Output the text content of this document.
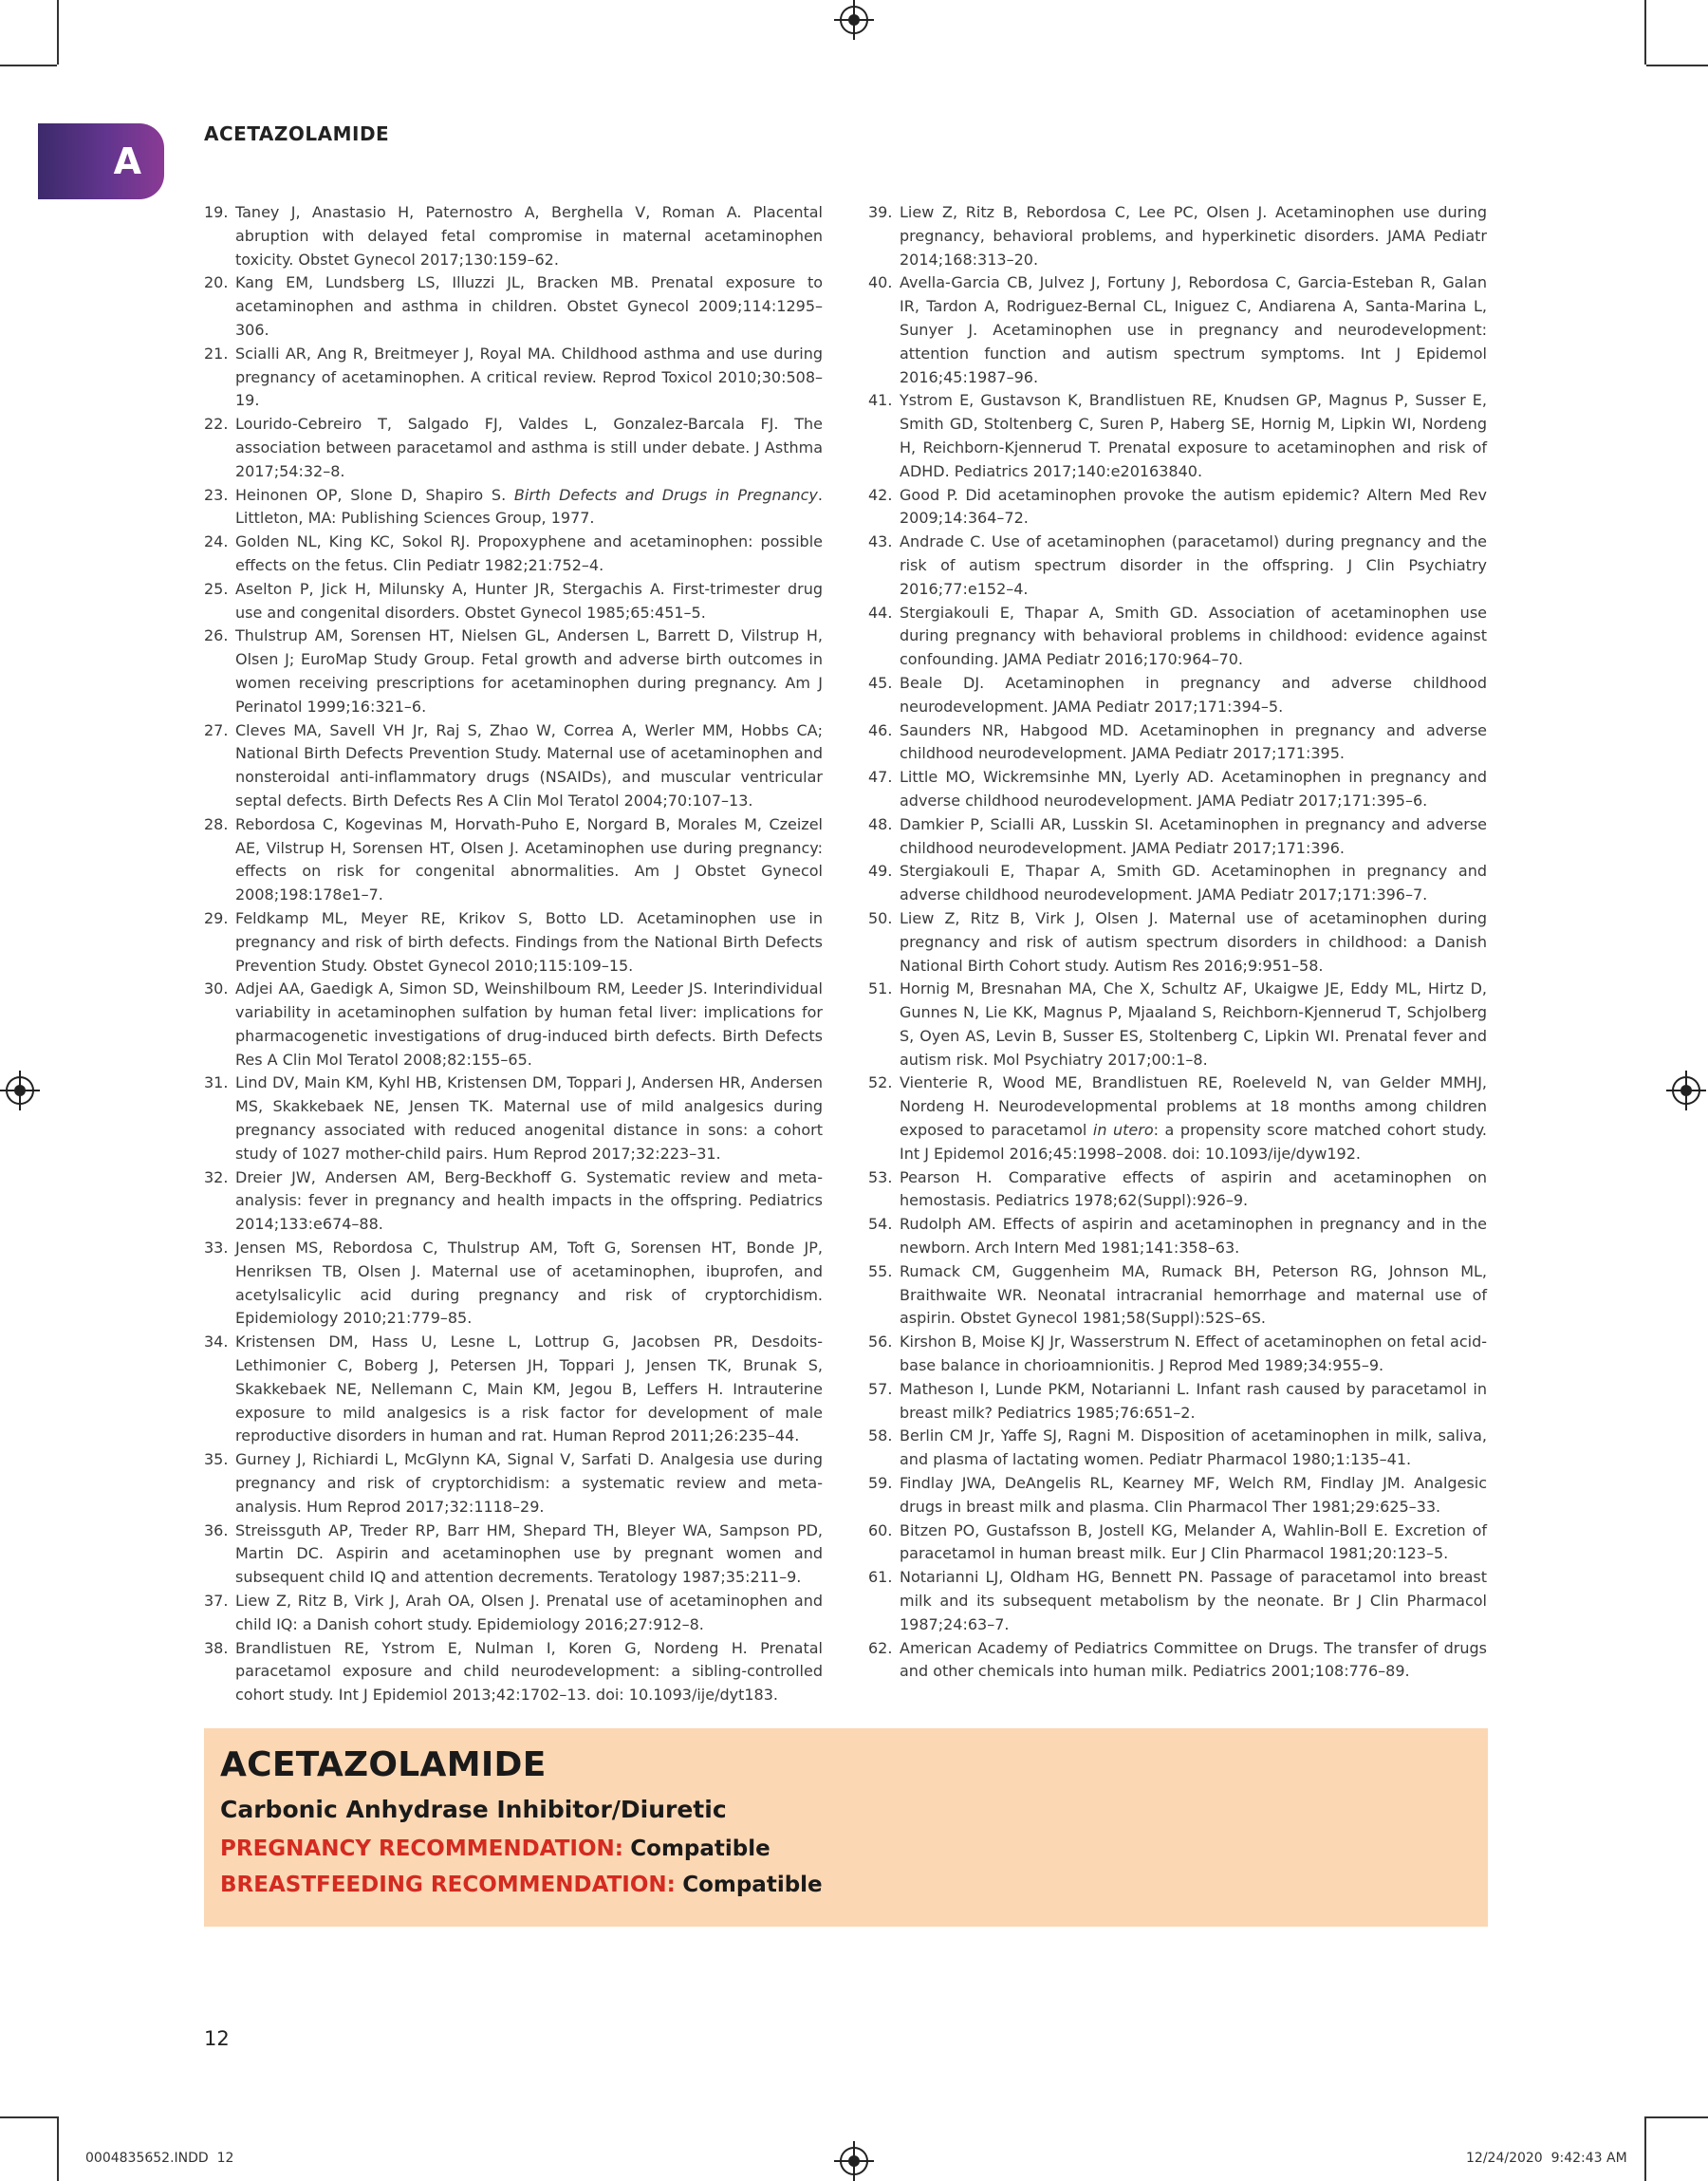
A
ACETAZOLAMIDE
19. Taney J, Anastasio H, Paternostro A, Berghella V, Roman A. Placental abruption with delayed fetal compromise in maternal acetaminophen toxicity. Obstet Gynecol 2017;130:159–62.
20. Kang EM, Lundsberg LS, Illuzzi JL, Bracken MB. Prenatal exposure to acetaminophen and asthma in children. Obstet Gynecol 2009;114:1295–306.
21. Scialli AR, Ang R, Breitmeyer J, Royal MA. Childhood asthma and use during pregnancy of acetaminophen. A critical review. Reprod Toxicol 2010;30:508–19.
22. Lourido-Cebreiro T, Salgado FJ, Valdes L, Gonzalez-Barcala FJ. The association between paracetamol and asthma is still under debate. J Asthma 2017;54:32–8.
23. Heinonen OP, Slone D, Shapiro S. Birth Defects and Drugs in Pregnancy. Littleton, MA: Publishing Sciences Group, 1977.
24. Golden NL, King KC, Sokol RJ. Propoxyphene and acetaminophen: possible effects on the fetus. Clin Pediatr 1982;21:752–4.
25. Aselton P, Jick H, Milunsky A, Hunter JR, Stergachis A. First-trimester drug use and congenital disorders. Obstet Gynecol 1985;65:451–5.
26. Thulstrup AM, Sorensen HT, Nielsen GL, Andersen L, Barrett D, Vilstrup H, Olsen J; EuroMap Study Group. Fetal growth and adverse birth outcomes in women receiving prescriptions for acetaminophen during pregnancy. Am J Perinatol 1999;16:321–6.
27. Cleves MA, Savell VH Jr, Raj S, Zhao W, Correa A, Werler MM, Hobbs CA; National Birth Defects Prevention Study. Maternal use of acetaminophen and nonsteroidal anti-inflammatory drugs (NSAIDs), and muscular ventricular septal defects. Birth Defects Res A Clin Mol Teratol 2004;70:107–13.
28. Rebordosa C, Kogevinas M, Horvath-Puho E, Norgard B, Morales M, Czeizel AE, Vilstrup H, Sorensen HT, Olsen J. Acetaminophen use during pregnancy: effects on risk for congenital abnormalities. Am J Obstet Gynecol 2008;198:178e1–7.
29. Feldkamp ML, Meyer RE, Krikov S, Botto LD. Acetaminophen use in pregnancy and risk of birth defects. Findings from the National Birth Defects Prevention Study. Obstet Gynecol 2010;115:109–15.
30. Adjei AA, Gaedigk A, Simon SD, Weinshilboum RM, Leeder JS. Interindividual variability in acetaminophen sulfation by human fetal liver: implications for pharmacogenetic investigations of drug-induced birth defects. Birth Defects Res A Clin Mol Teratol 2008;82:155–65.
31. Lind DV, Main KM, Kyhl HB, Kristensen DM, Toppari J, Andersen HR, Andersen MS, Skakkebaek NE, Jensen TK. Maternal use of mild analgesics during pregnancy associated with reduced anogenital distance in sons: a cohort study of 1027 mother-child pairs. Hum Reprod 2017;32:223–31.
32. Dreier JW, Andersen AM, Berg-Beckhoff G. Systematic review and meta-analysis: fever in pregnancy and health impacts in the offspring. Pediatrics 2014;133:e674–88.
33. Jensen MS, Rebordosa C, Thulstrup AM, Toft G, Sorensen HT, Bonde JP, Henriksen TB, Olsen J. Maternal use of acetaminophen, ibuprofen, and acetylsalicylic acid during pregnancy and risk of cryptorchidism. Epidemiology 2010;21:779–85.
34. Kristensen DM, Hass U, Lesne L, Lottrup G, Jacobsen PR, Desdoits-Lethimonier C, Boberg J, Petersen JH, Toppari J, Jensen TK, Brunak S, Skakkebaek NE, Nellemann C, Main KM, Jegou B, Leffers H. Intrauterine exposure to mild analgesics is a risk factor for development of male reproductive disorders in human and rat. Human Reprod 2011;26:235–44.
35. Gurney J, Richiardi L, McGlynn KA, Signal V, Sarfati D. Analgesia use during pregnancy and risk of cryptorchidism: a systematic review and meta-analysis. Hum Reprod 2017;32:1118–29.
36. Streissguth AP, Treder RP, Barr HM, Shepard TH, Bleyer WA, Sampson PD, Martin DC. Aspirin and acetaminophen use by pregnant women and subsequent child IQ and attention decrements. Teratology 1987;35:211–9.
37. Liew Z, Ritz B, Virk J, Arah OA, Olsen J. Prenatal use of acetaminophen and child IQ: a Danish cohort study. Epidemiology 2016;27:912–8.
38. Brandlistuen RE, Ystrom E, Nulman I, Koren G, Nordeng H. Prenatal paracetamol exposure and child neurodevelopment: a sibling-controlled cohort study. Int J Epidemiol 2013;42:1702–13. doi: 10.1093/ije/dyt183.
39. Liew Z, Ritz B, Rebordosa C, Lee PC, Olsen J. Acetaminophen use during pregnancy, behavioral problems, and hyperkinetic disorders. JAMA Pediatr 2014;168:313–20.
40. Avella-Garcia CB, Julvez J, Fortuny J, Rebordosa C, Garcia-Esteban R, Galan IR, Tardon A, Rodriguez-Bernal CL, Iniguez C, Andiarena A, Santa-Marina L, Sunyer J. Acetaminophen use in pregnancy and neurodevelopment: attention function and autism spectrum symptoms. Int J Epidemol 2016;45:1987–96.
41. Ystrom E, Gustavson K, Brandlistuen RE, Knudsen GP, Magnus P, Susser E, Smith GD, Stoltenberg C, Suren P, Haberg SE, Hornig M, Lipkin WI, Nordeng H, Reichborn-Kjennerud T. Prenatal exposure to acetaminophen and risk of ADHD. Pediatrics 2017;140:e20163840.
42. Good P. Did acetaminophen provoke the autism epidemic? Altern Med Rev 2009;14:364–72.
43. Andrade C. Use of acetaminophen (paracetamol) during pregnancy and the risk of autism spectrum disorder in the offspring. J Clin Psychiatry 2016;77:e152–4.
44. Stergiakouli E, Thapar A, Smith GD. Association of acetaminophen use during pregnancy with behavioral problems in childhood: evidence against confounding. JAMA Pediatr 2016;170:964–70.
45. Beale DJ. Acetaminophen in pregnancy and adverse childhood neurodevelopment. JAMA Pediatr 2017;171:394–5.
46. Saunders NR, Habgood MD. Acetaminophen in pregnancy and adverse childhood neurodevelopment. JAMA Pediatr 2017;171:395.
47. Little MO, Wickremsinhe MN, Lyerly AD. Acetaminophen in pregnancy and adverse childhood neurodevelopment. JAMA Pediatr 2017;171:395–6.
48. Damkier P, Scialli AR, Lusskin SI. Acetaminophen in pregnancy and adverse childhood neurodevelopment. JAMA Pediatr 2017;171:396.
49. Stergiakouli E, Thapar A, Smith GD. Acetaminophen in pregnancy and adverse childhood neurodevelopment. JAMA Pediatr 2017;171:396–7.
50. Liew Z, Ritz B, Virk J, Olsen J. Maternal use of acetaminophen during pregnancy and risk of autism spectrum disorders in childhood: a Danish National Birth Cohort study. Autism Res 2016;9:951–58.
51. Hornig M, Bresnahan MA, Che X, Schultz AF, Ukaigwe JE, Eddy ML, Hirtz D, Gunnes N, Lie KK, Magnus P, Mjaaland S, Reichborn-Kjennerud T, Schjolberg S, Oyen AS, Levin B, Susser ES, Stoltenberg C, Lipkin WI. Prenatal fever and autism risk. Mol Psychiatry 2017;00:1–8.
52. Vienterie R, Wood ME, Brandlistuen RE, Roeleveld N, van Gelder MMHJ, Nordeng H. Neurodevelopmental problems at 18 months among children exposed to paracetamol in utero: a propensity score matched cohort study. Int J Epidemol 2016;45:1998–2008. doi: 10.1093/ije/dyw192.
53. Pearson H. Comparative effects of aspirin and acetaminophen on hemostasis. Pediatrics 1978;62(Suppl):926–9.
54. Rudolph AM. Effects of aspirin and acetaminophen in pregnancy and in the newborn. Arch Intern Med 1981;141:358–63.
55. Rumack CM, Guggenheim MA, Rumack BH, Peterson RG, Johnson ML, Braithwaite WR. Neonatal intracranial hemorrhage and maternal use of aspirin. Obstet Gynecol 1981;58(Suppl):52S–6S.
56. Kirshon B, Moise KJ Jr, Wasserstrum N. Effect of acetaminophen on fetal acid-base balance in chorioamnionitis. J Reprod Med 1989;34:955–9.
57. Matheson I, Lunde PKM, Notarianni L. Infant rash caused by paracetamol in breast milk? Pediatrics 1985;76:651–2.
58. Berlin CM Jr, Yaffe SJ, Ragni M. Disposition of acetaminophen in milk, saliva, and plasma of lactating women. Pediatr Pharmacol 1980;1:135–41.
59. Findlay JWA, DeAngelis RL, Kearney MF, Welch RM, Findlay JM. Analgesic drugs in breast milk and plasma. Clin Pharmacol Ther 1981;29:625–33.
60. Bitzen PO, Gustafsson B, Jostell KG, Melander A, Wahlin-Boll E. Excretion of paracetamol in human breast milk. Eur J Clin Pharmacol 1981;20:123–5.
61. Notarianni LJ, Oldham HG, Bennett PN. Passage of paracetamol into breast milk and its subsequent metabolism by the neonate. Br J Clin Pharmacol 1987;24:63–7.
62. American Academy of Pediatrics Committee on Drugs. The transfer of drugs and other chemicals into human milk. Pediatrics 2001;108:776–89.
ACETAZOLAMIDE
Carbonic Anhydrase Inhibitor/Diuretic
PREGNANCY RECOMMENDATION: Compatible
BREASTFEEDING RECOMMENDATION: Compatible
12
0004835652.INDD 12	12/24/2020 9:42:43 AM
